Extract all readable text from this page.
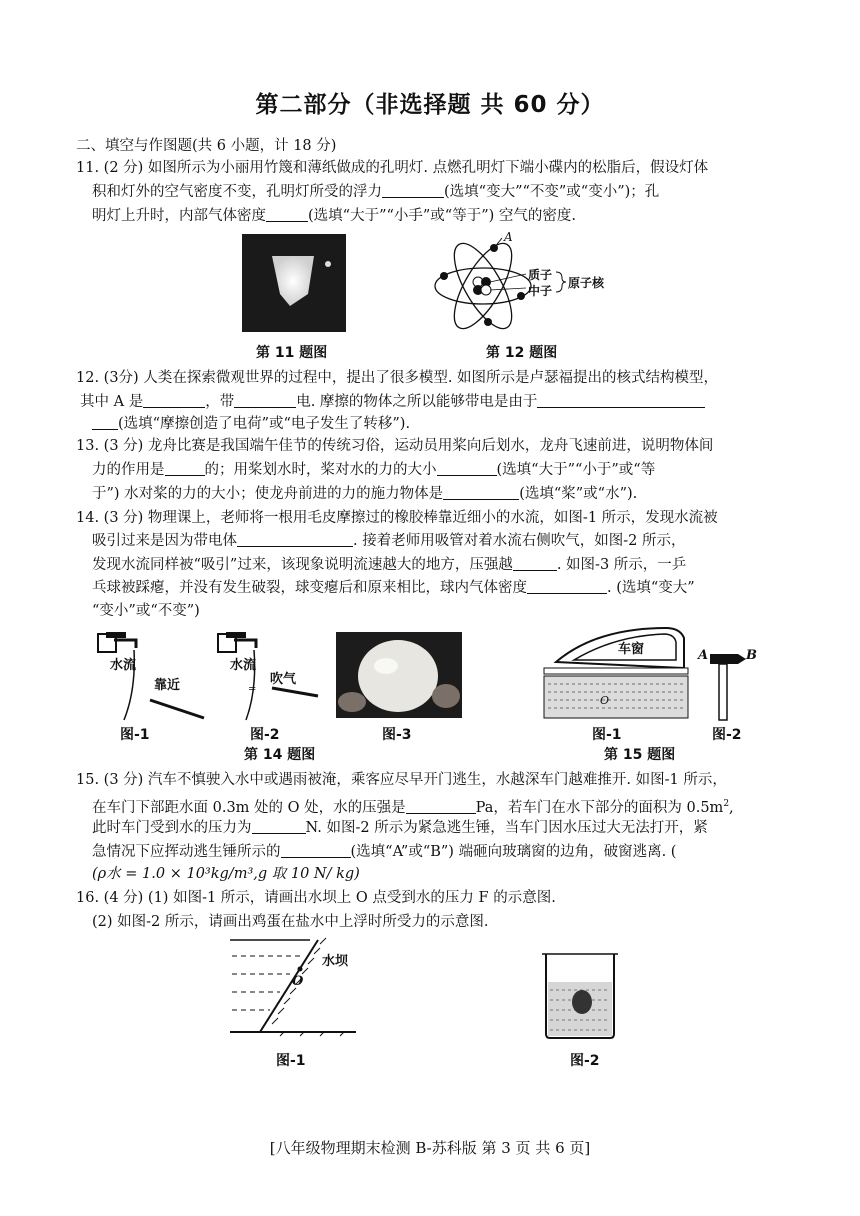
第二部分（非选择题 共 60 分）
二、填空与作图题(共 6 小题，计 18 分)
11. (2 分) 如图所示为小丽用竹篾和薄纸做成的孔明灯. 点燃孔明灯下端小碟内的松脂后，假设灯体
积和灯外的空气密度不变，孔明灯所受的浮力	(选填“变大”“不变”或“变小”)；孔
明灯上升时，内部气体密度	(选填“大于”“小手”或“等于”) 空气的密度.
第 11 题图
A
质子
中子
原子核
第 12 题图
12. (3分) 人类在探索微观世界的过程中，提出了很多模型. 如图所示是卢瑟福提出的核式结构模型，
其中 A 是	，带	电. 摩擦的物体之所以能够带电是由于
(选填“摩擦创造了电荷”或“电子发生了转移”).
13. (3 分) 龙舟比赛是我国端午佳节的传统习俗，运动员用桨向后划水，龙舟飞速前进，说明物体间
力的作用是	的；用桨划水时，桨对水的力的大小	(选填“大于”“小于”或“等
于”) 水对桨的力的大小；使龙舟前进的力的施力物体是	(选填“桨”或“水”).
14. (3 分) 物理课上，老师将一根用毛皮摩擦过的橡胶棒靠近细小的水流，如图-1 所示，发现水流被
吸引过来是因为带电体	. 接着老师用吸管对着水流右侧吹气，如图-2 所示，
发现水流同样被“吸引”过来，该现象说明流速越大的地方，压强越	. 如图-3 所示，一乒
乓球被踩瘪，并没有发生破裂，球变瘪后和原来相比，球内气体密度	. (选填“变大”
“变小”或“不变”)
水流
靠近
图-1
=
水流
吹气
图-2	图-3
第 14 题图
O
车窗
图-1
A	B
图-2
第 15 题图
15. (3 分) 汽车不慎驶入水中或遇雨被淹，乘客应尽早开门逃生，水越深车门越难推开. 如图-1 所示，
在车门下部距水面 0.3m 处的 O 处，水的压强是	Pa，若车门在水下部分的面积为 $0.5m^2$,
此时车门受到水的压力为	N. 如图-2 所示为紧急逃生锤，当车门因水压过大无法打开，紧
急情况下应挥动逃生锤所示的	(选填“A”或“B”) 端砸向玻璃窗的边角，破窗逃离. (
(ρ水 = 1.0 × 10³kg/m³,g 取 10 N/ kg)
16. (4 分) (1) 如图-1 所示，请画出水坝上 O 点受到水的压力 F 的示意图.
(2) 如图-2 所示，请画出鸡蛋在盐水中上浮时所受力的示意图.
水坝
O
图-1	图-2
[八年级物理期末检测 B-苏科版 第 3 页 共 6 页]
